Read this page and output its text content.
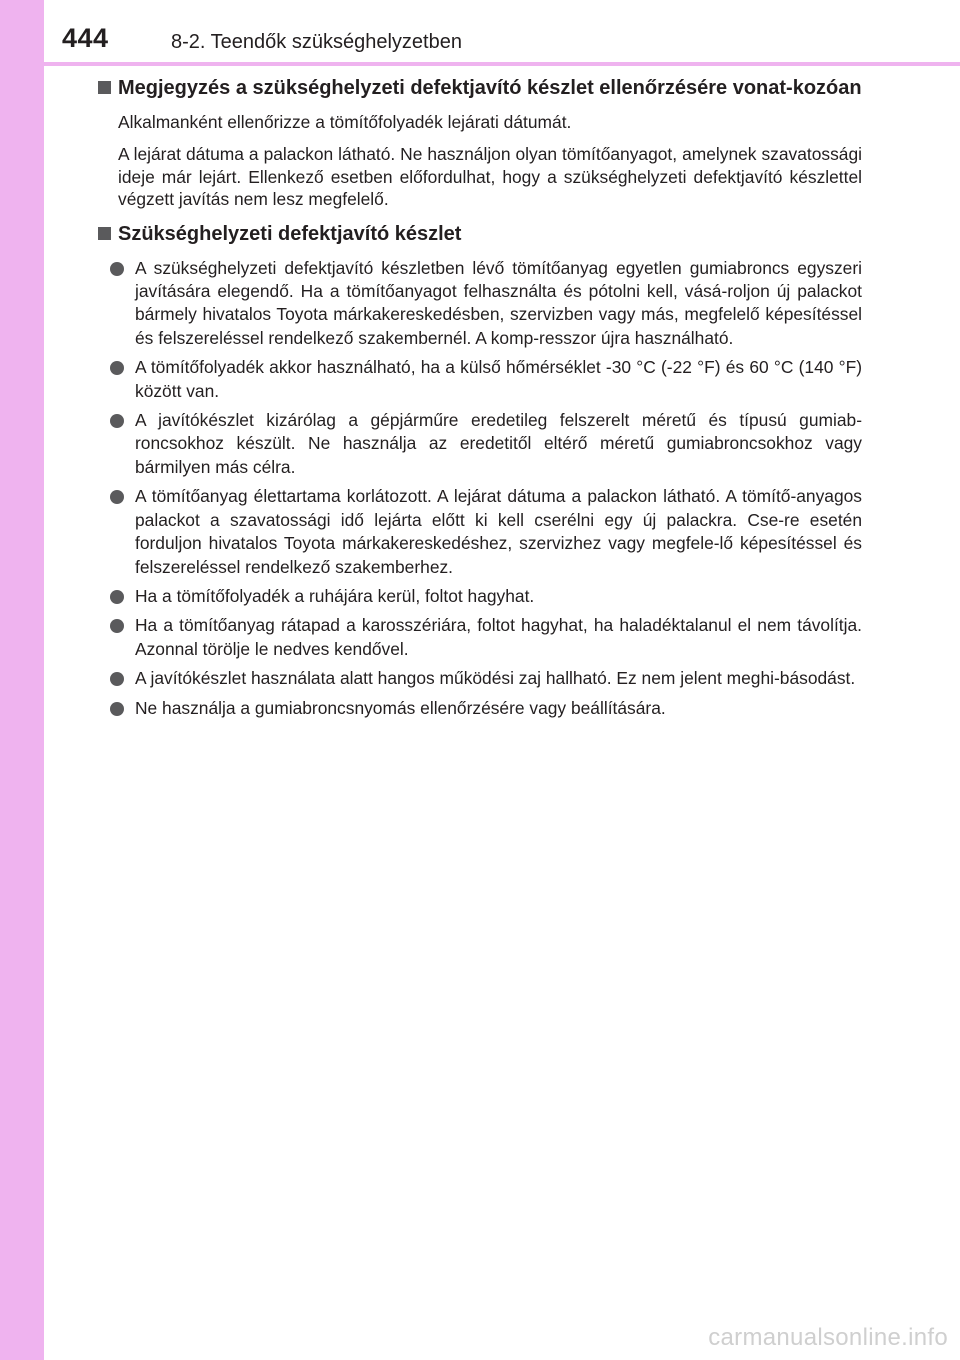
444	8-2. Teendők szükséghelyzetben
Megjegyzés a szükséghelyzeti defektjavító készlet ellenőrzésére vonat-kozóan

Alkalmanként ellenőrizze a tömítőfolyadék lejárati dátumát.

A lejárat dátuma a palackon látható. Ne használjon olyan tömítőanyagot, amelynek szavatossági ideje már lejárt. Ellenkező esetben előfordulhat, hogy a szükséghelyzeti defektjavító készlettel végzett javítás nem lesz megfelelő.

Szükséghelyzeti defektjavító készlet
A szükséghelyzeti defektjavító készletben lévő tömítőanyag egyetlen gumiabroncs egyszeri javítására elegendő. Ha a tömítőanyagot felhasználta és pótolni kell, vásá-roljon új palackot bármely hivatalos Toyota márkakereskedésben, szervizben vagy más, megfelelő képesítéssel és felszereléssel rendelkező szakembernél. A komp-resszor újra használható.
A tömítőfolyadék akkor használható, ha a külső hőmérséklet -30 °C (-22 °F) és 60 °C (140 °F) között van.
A javítókészlet kizárólag a gépjárműre eredetileg felszerelt méretű és típusú gumiab-roncsokhoz készült. Ne használja az eredetitől eltérő méretű gumiabroncsokhoz vagy bármilyen más célra.
A tömítőanyag élettartama korlátozott. A lejárat dátuma a palackon látható. A tömítő-anyagos palackot a szavatossági idő lejárta előtt ki kell cserélni egy új palackra. Cse-re esetén forduljon hivatalos Toyota márkakereskedéshez, szervizhez vagy megfele-lő képesítéssel és felszereléssel rendelkező szakemberhez.
Ha a tömítőfolyadék a ruhájára kerül, foltot hagyhat.
Ha a tömítőanyag rátapad a karosszériára, foltot hagyhat, ha haladéktalanul el nem távolítja. Azonnal törölje le nedves kendővel.
A javítókészlet használata alatt hangos működési zaj hallható. Ez nem jelent meghi-básodást.
Ne használja a gumiabroncsnyomás ellenőrzésére vagy beállítására.
carmanualsonline.info
